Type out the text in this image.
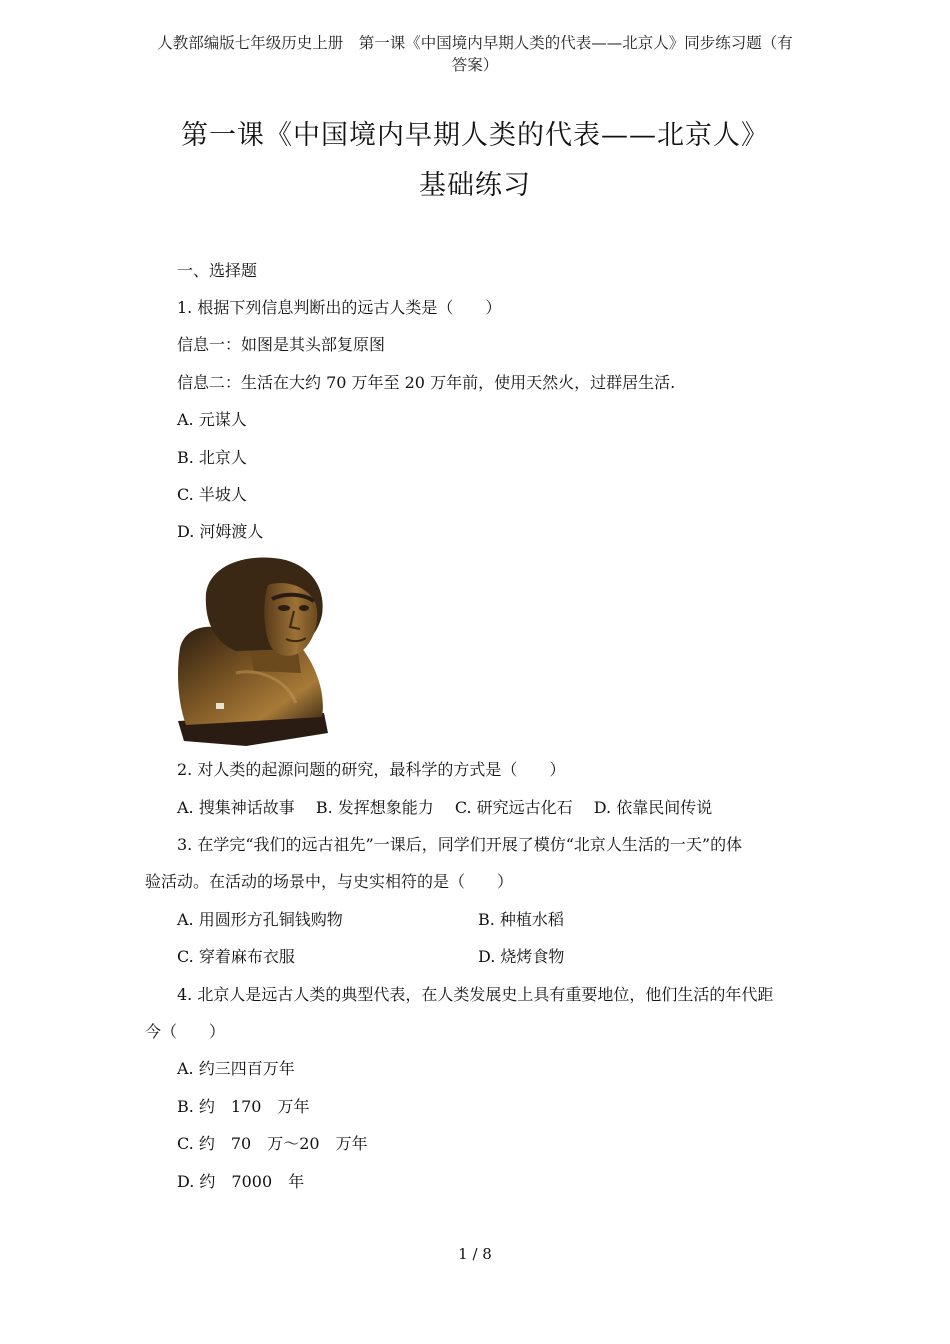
人教部编版七年级历史上册　第一课《中国境内早期人类的代表——北京人》同步练习题（有
答案）
第一课《中国境内早期人类的代表——北京人》
基础练习
一、选择题
1. 根据下列信息判断出的远古人类是（　　）
信息一：如图是其头部复原图
信息二：生活在大约 70 万年至 20 万年前，使用天然火，过群居生活.
A. 元谋人
B. 北京人
C. 半坡人
D. 河姆渡人
2. 对人类的起源问题的研究，最科学的方式是（　　）
A. 搜集神话故事　 B. 发挥想象能力　 C. 研究远古化石　 D. 依靠民间传说
3. 在学完“我们的远古祖先”一课后，同学们开展了模仿“北京人生活的一天”的体
验活动。在活动的场景中，与史实相符的是（　　）
A. 用圆形方孔铜钱购物	B. 种植水稻
C. 穿着麻布衣服	D. 烧烤食物
4. 北京人是远古人类的典型代表，在人类发展史上具有重要地位，他们生活的年代距
今（　　）
A. 约三四百万年
B. 约　170　万年
C. 约　70　万～20　万年
D. 约　7000　年
1 / 8
